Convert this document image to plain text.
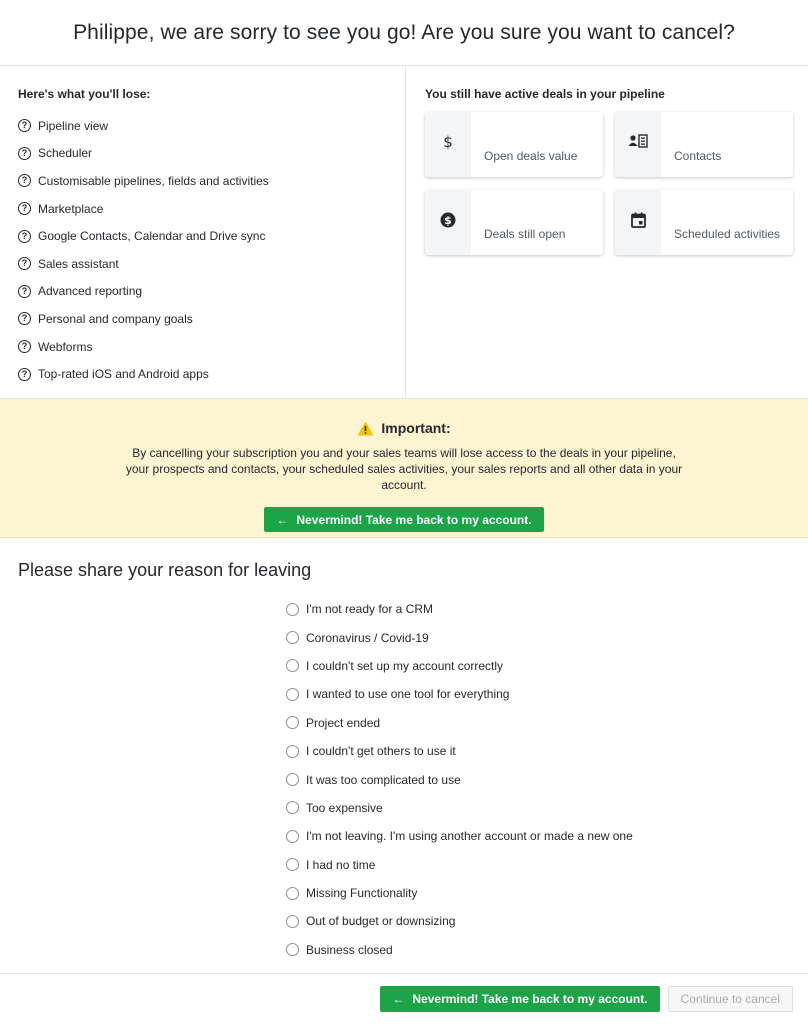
Philippe, we are sorry to see you go! Are you sure you want to cancel?
Here's what you'll lose:
? Pipeline view
? Scheduler
? Customisable pipelines, fields and activities
? Marketplace
? Google Contacts, Calendar and Drive sync
? Sales assistant
? Advanced reporting
? Personal and company goals
? Webforms
? Top-rated iOS and Android apps
You still have active deals in your pipeline
$
Open deals value	Contacts
$
Deals still open	Scheduled activities
Important:

By cancelling your subscription you and your sales teams will lose access to the deals in your pipeline, your prospects and contacts, your scheduled sales activities, your sales reports and all other data in your account.

← Nevermind! Take me back to my account.
Please share your reason for leaving
I'm not ready for a CRM
Coronavirus / Covid-19
I couldn't set up my account correctly
I wanted to use one tool for everything
Project ended
I couldn't get others to use it
It was too complicated to use
Too expensive
I'm not leaving. I'm using another account or made a new one
I had no time
Missing Functionality
Out of budget or downsizing
Business closed
← Nevermind! Take me back to my account.	Continue to cancel
